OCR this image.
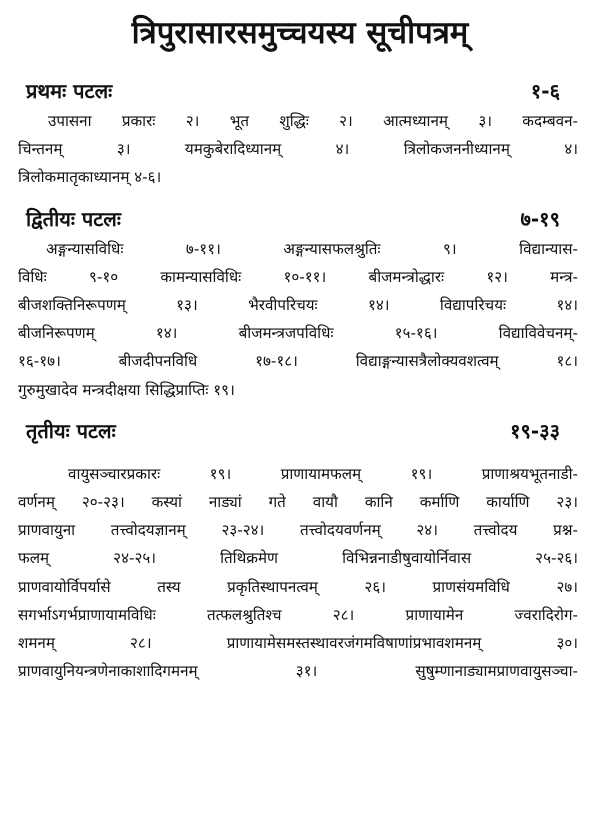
त्रिपुरासारसमुच्चयस्य सूचीपत्रम्
प्रथमः पटलः	१-६
उपासना प्रकारः २। भूत शुद्धिः २। आत्मध्यानम् ३। कदम्बवन-
चिन्तनम् ३। यमकुबेरादिध्यानम् ४। त्रिलोकजननीध्यानम् ४।
त्रिलोकमातृकाध्यानम् ४-६।
द्वितीयः पटलः	७-१९
अङ्गन्यासविधिः ७-११। अङ्गन्यासफलश्रुतिः ९। विद्यान्यास-
विधिः ९-१० कामन्यासविधिः १०-११। बीजमन्त्रोद्धारः १२। मन्त्र-
बीजशक्तिनिरूपणम् १३। भैरवीपरिचयः १४। विद्यापरिचयः १४।
बीजनिरूपणम् १४। बीजमन्त्रजपविधिः १५-१६। विद्याविवेचनम्-
१६-१७। बीजदीपनविधि १७-१८। विद्याङ्गन्यासत्रैलोक्यवशत्वम् १८।
गुरुमुखादेव मन्त्रदीक्षया सिद्धिप्राप्तिः १९।
तृतीयः पटलः	१९-३३
वायुसञ्चारप्रकारः १९। प्राणायामफलम् १९। प्राणाश्रयभूतनाडी-
वर्णनम् २०-२३। कस्यां नाड्यां गते वायौ कानि कर्माणि कार्याणि २३।
प्राणवायुना तत्त्वोदयज्ञानम् २३-२४। तत्त्वोदयवर्णनम् २४। तत्त्वोदय प्रश्न-
फलम् २४-२५। तिथिक्रमेण विभिन्ननाडीषुवायोर्निवास २५-२६।
प्राणवायोर्विपर्यासे तस्य प्रकृतिस्थापनत्वम् २६। प्राणसंयमविधि २७।
सगर्भाऽगर्भप्राणायामविधिः तत्फलश्रुतिश्च २८। प्राणायामेन ज्वरादिरोग-
शमनम् २८। प्राणायामेसमस्तस्थावरजंगमविषाणांप्रभावशमनम् ३०।
प्राणवायुनियन्त्रणेनाकाशादिगमनम् ३१। सुषुम्णानाड्यामप्राणवायुसञ्चा-
